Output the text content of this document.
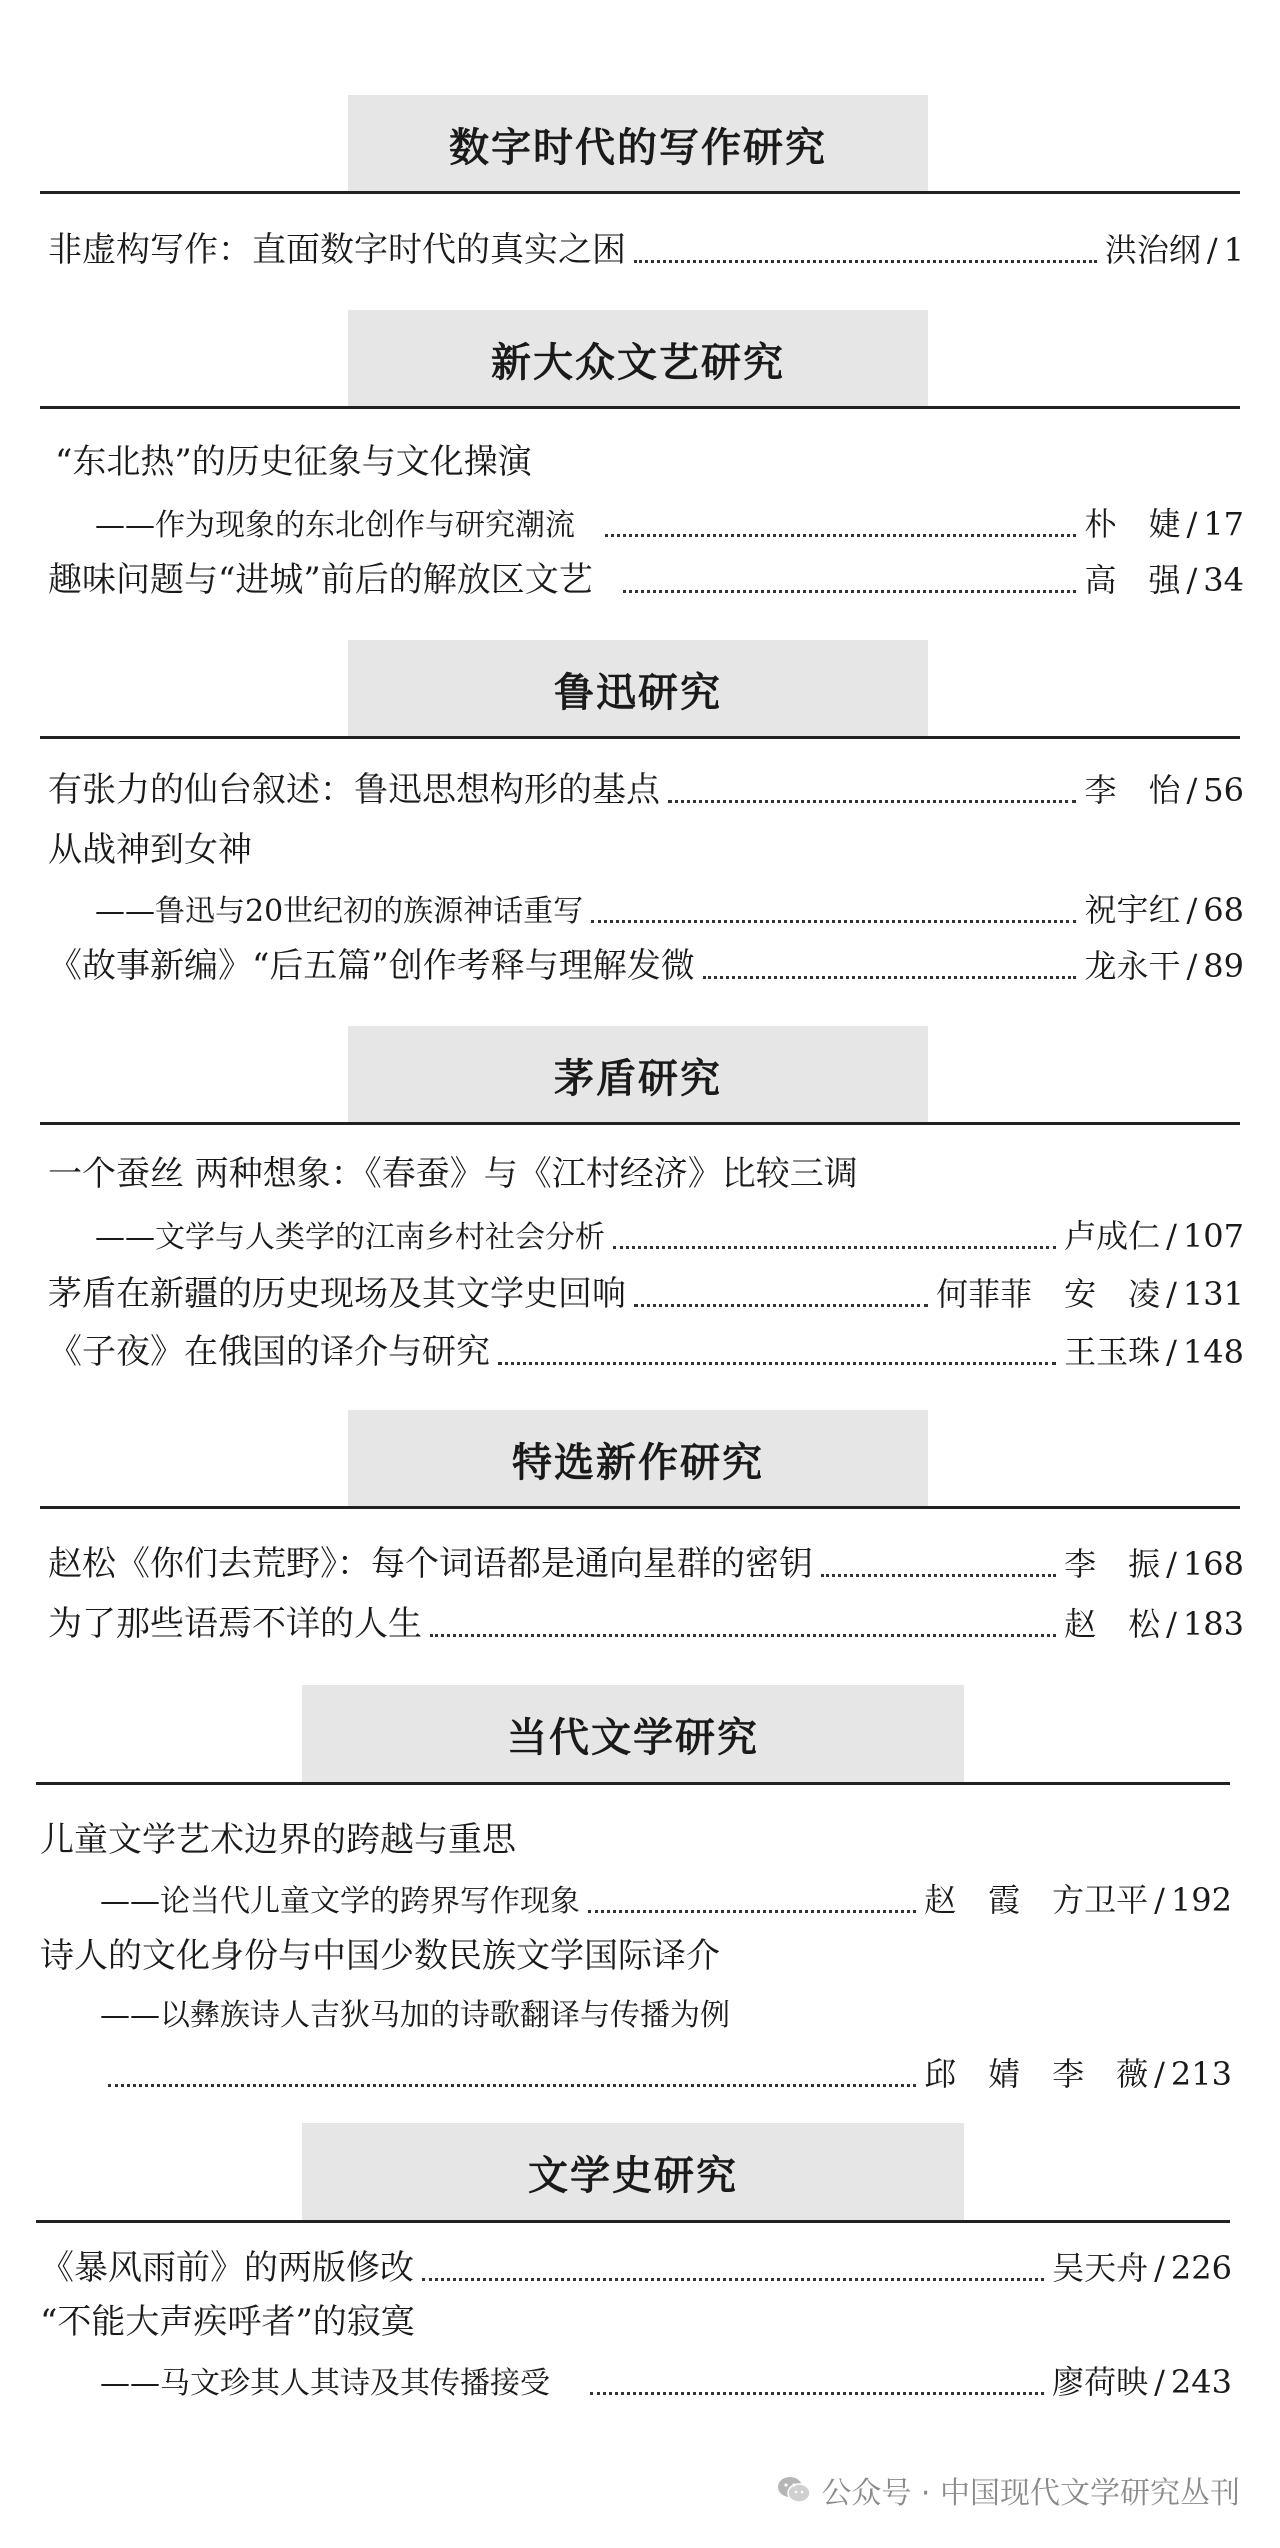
数字时代的写作研究
非虚构写作：直面数字时代的真实之困	洪治纲 / 1
新大众文艺研究
“东北热”的历史征象与文化操演
——作为现象的东北创作与研究潮流	朴　婕 / 17
趣味问题与“进城”前后的解放区文艺	高　强 / 34
鲁迅研究
有张力的仙台叙述：鲁迅思想构形的基点	李　怡 / 56
从战神到女神
——鲁迅与20世纪初的族源神话重写	祝宇红 / 68
《故事新编》“后五篇”创作考释与理解发微	龙永干 / 89
茅盾研究
一个蚕丝 两种想象：《春蚕》与《江村经济》比较三调
——文学与人类学的江南乡村社会分析	卢成仁 / 107
茅盾在新疆的历史现场及其文学史回响	何菲菲　安　凌 / 131
《子夜》在俄国的译介与研究	王玉珠 / 148
特选新作研究
赵松《你们去荒野》：每个词语都是通向星群的密钥	李　振 / 168
为了那些语焉不详的人生	赵　松 / 183
当代文学研究
儿童文学艺术边界的跨越与重思
——论当代儿童文学的跨界写作现象	赵　霞　方卫平 / 192
诗人的文化身份与中国少数民族文学国际译介
——以彝族诗人吉狄马加的诗歌翻译与传播为例
邱　婧　李　薇 / 213
文学史研究
《暴风雨前》的两版修改	吴天舟 / 226
“不能大声疾呼者”的寂寞
——马文珍其人其诗及其传播接受	廖荷映 / 243
公众号 · 中国现代文学研究丛刊
